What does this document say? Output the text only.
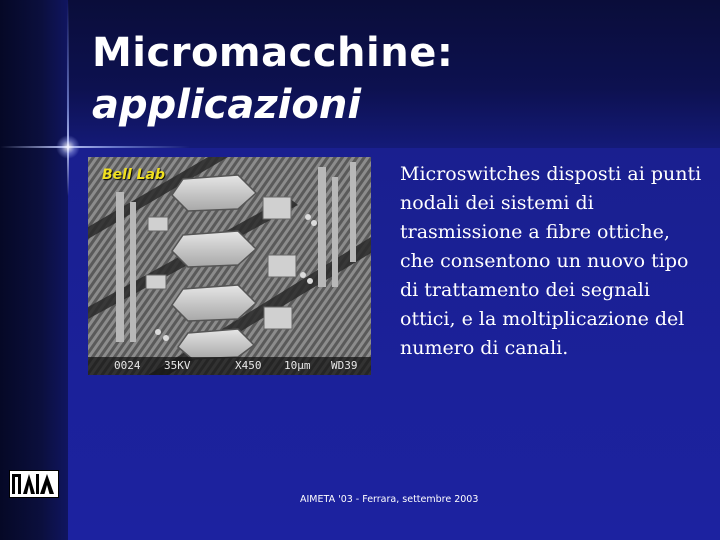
Micromacchine:
applicazioni
Bell Lab

0024

35KV

	X450

10μm

WD39

Microswitches disposti ai punti nodali dei sistemi di trasmissione a fibre ottiche, che consentono un nuovo tipo di trattamento dei segnali ottici, e la moltiplicazione del numero di canali.

AIMETA '03 - Ferrara, settembre 2003
